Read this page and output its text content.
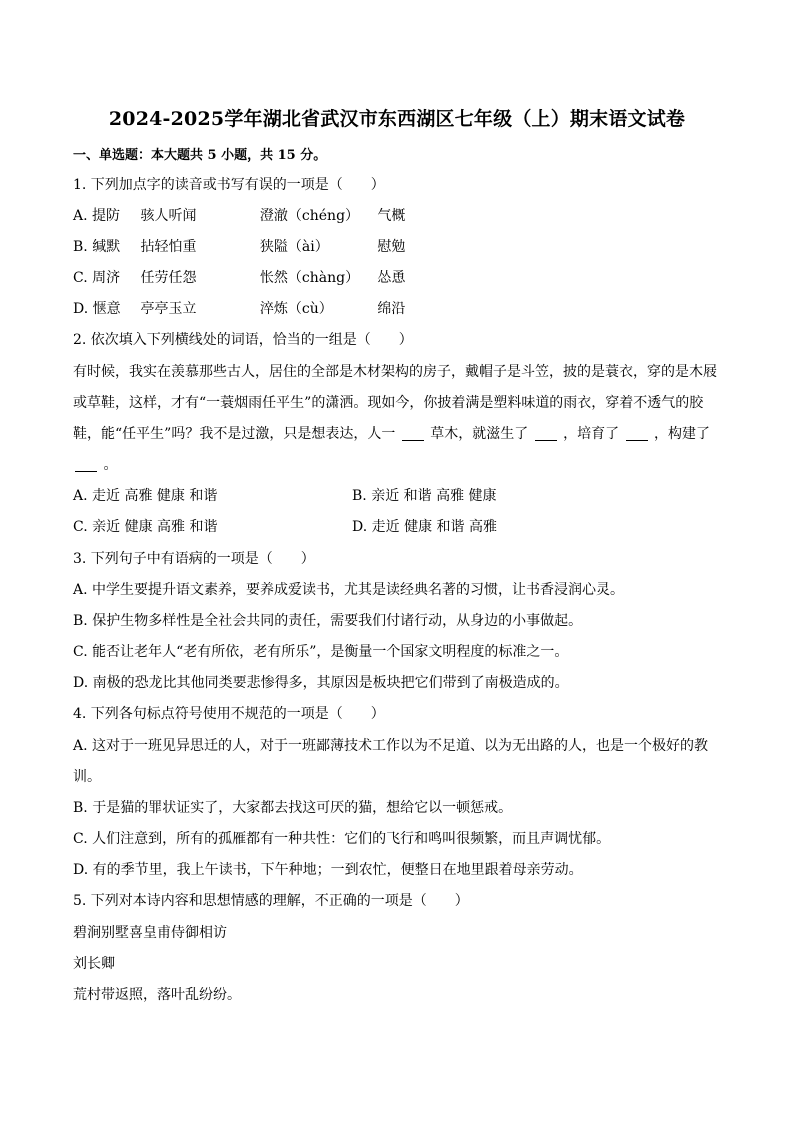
2024-2025学年湖北省武汉市东西湖区七年级（上）期末语文试卷
一、单选题：本大题共 5 小题，共 15 分。
1. 下列加点字的读音或书写有误的一项是（　　）
A. 提防 骇人听闻	澄澈（chéng） 气概
B. 缄默 拈轻怕重	狭隘（ài）	慰勉
C. 周济 任劳任怨	怅然（chàng） 怂恿
D. 惬意 亭亭玉立	淬炼（cù）	绵沿
2. 依次填入下列横线处的词语，恰当的一组是（　　）
有时候，我实在羡慕那些古人，居住的全部是木材架构的房子，戴帽子是斗笠，披的是蓑衣，穿的是木屐
或草鞋，这样，才有“一蓑烟雨任平生”的潇洒。现如今，你披着满是塑料味道的雨衣，穿着不透气的胶
鞋，能“任平生”吗？我不是过激，只是想表达，人一 草木，就滋生了 ，培育了 ，构建了
。
A. 走近 高雅 健康 和谐	B. 亲近 和谐 高雅 健康
C. 亲近 健康 高雅 和谐	D. 走近 健康 和谐 高雅
3. 下列句子中有语病的一项是（　　）
A. 中学生要提升语文素养，要养成爱读书，尤其是读经典名著的习惯，让书香浸润心灵。
B. 保护生物多样性是全社会共同的责任，需要我们付诸行动，从身边的小事做起。
C. 能否让老年人“老有所依，老有所乐”，是衡量一个国家文明程度的标准之一。
D. 南极的恐龙比其他同类要悲惨得多，其原因是板块把它们带到了南极造成的。
4. 下列各句标点符号使用不规范的一项是（　　）
A. 这对于一班见异思迁的人，对于一班鄙薄技术工作以为不足道、以为无出路的人，也是一个极好的教
训。
B. 于是猫的罪状证实了，大家都去找这可厌的猫，想给它以一顿惩戒。
C. 人们注意到，所有的孤雁都有一种共性：它们的飞行和鸣叫很频繁，而且声调忧郁。
D. 有的季节里，我上午读书，下午种地；一到农忙，便整日在地里跟着母亲劳动。
5. 下列对本诗内容和思想情感的理解，不正确的一项是（　　）
碧涧别墅喜皇甫侍御相访
刘长卿
荒村带返照，落叶乱纷纷。
